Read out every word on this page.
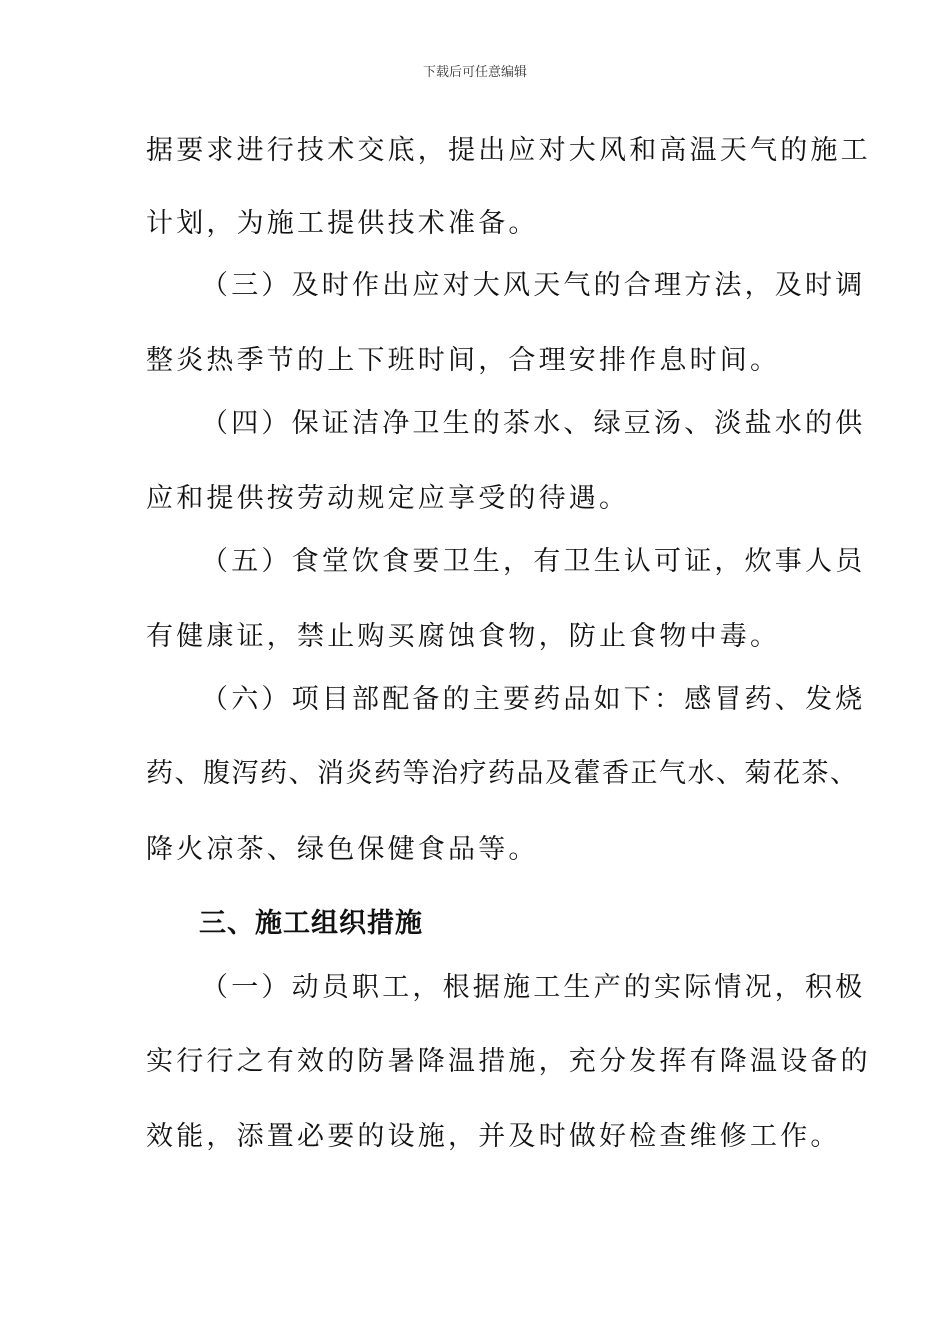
下载后可任意编辑
据要求进行技术交底，提出应对大风和高温天气的施工
计划，为施工提供技术准备。
（三）及时作出应对大风天气的合理方法，及时调
整炎热季节的上下班时间，合理安排作息时间。
（四）保证洁净卫生的茶水、绿豆汤、淡盐水的供
应和提供按劳动规定应享受的待遇。
（五）食堂饮食要卫生，有卫生认可证，炊事人员
有健康证，禁止购买腐蚀食物，防止食物中毒。
（六）项目部配备的主要药品如下：感冒药、发烧
药、腹泻药、消炎药等治疗药品及藿香正气水、菊花茶、
降火凉茶、绿色保健食品等。
三、施工组织措施
（一）动员职工，根据施工生产的实际情况，积极
实行行之有效的防暑降温措施，充分发挥有降温设备的
效能，添置必要的设施，并及时做好检查维修工作。
